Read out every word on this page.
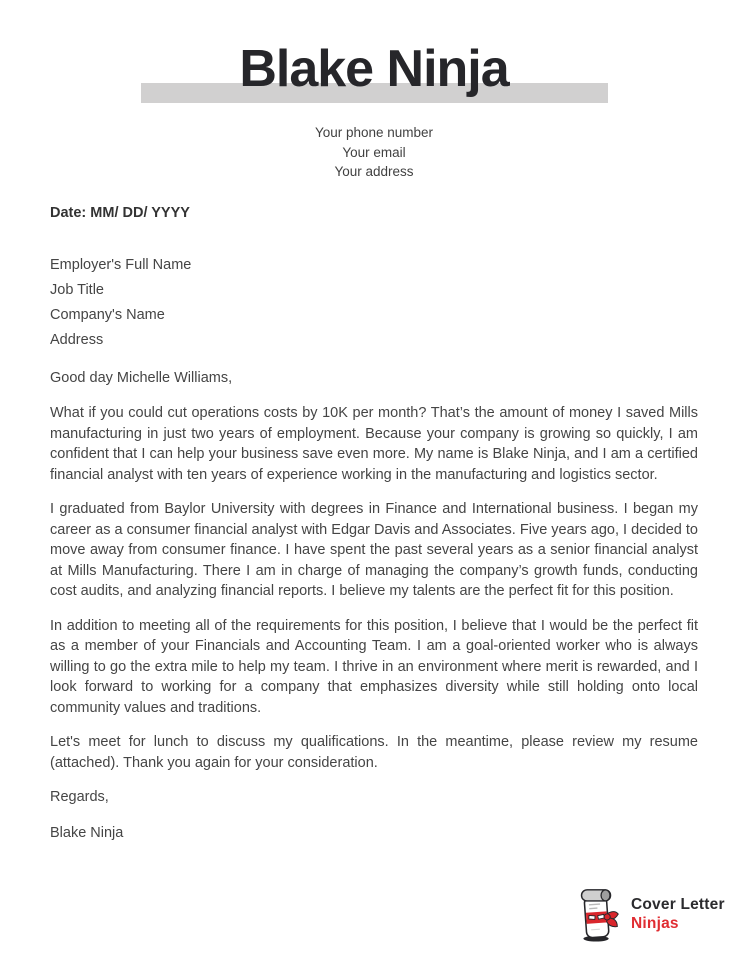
Blake Ninja
Your phone number
Your email
Your address
Date: MM/ DD/ YYYY
Employer's Full Name
Job Title
Company's Name
Address
Good day Michelle Williams,

What if you could cut operations costs by 10K per month? That’s the amount of money I saved Mills manufacturing in just two years of employment. Because your company is growing so quickly, I am confident that I can help your business save even more. My name is Blake Ninja, and I am a certified financial analyst with ten years of experience working in the manufacturing and logistics sector.

I graduated from Baylor University with degrees in Finance and International business. I began my career as a consumer financial analyst with Edgar Davis and Associates. Five years ago, I decided to move away from consumer finance. I have spent the past several years as a senior financial analyst at Mills Manufacturing. There I am in charge of managing the company’s growth funds, conducting cost audits, and analyzing financial reports. I believe my talents are the perfect fit for this position.

In addition to meeting all of the requirements for this position, I believe that I would be the perfect fit as a member of your Financials and Accounting Team. I am a goal-oriented worker who is always willing to go the extra mile to help my team. I thrive in an environment where merit is rewarded, and I look forward to working for a company that emphasizes diversity while still holding onto local community values and traditions.

Let's meet for lunch to discuss my qualifications. In the meantime, please review my resume (attached). Thank you again for your consideration.

Regards,
Blake Ninja
Cover Letter
Ninjas
